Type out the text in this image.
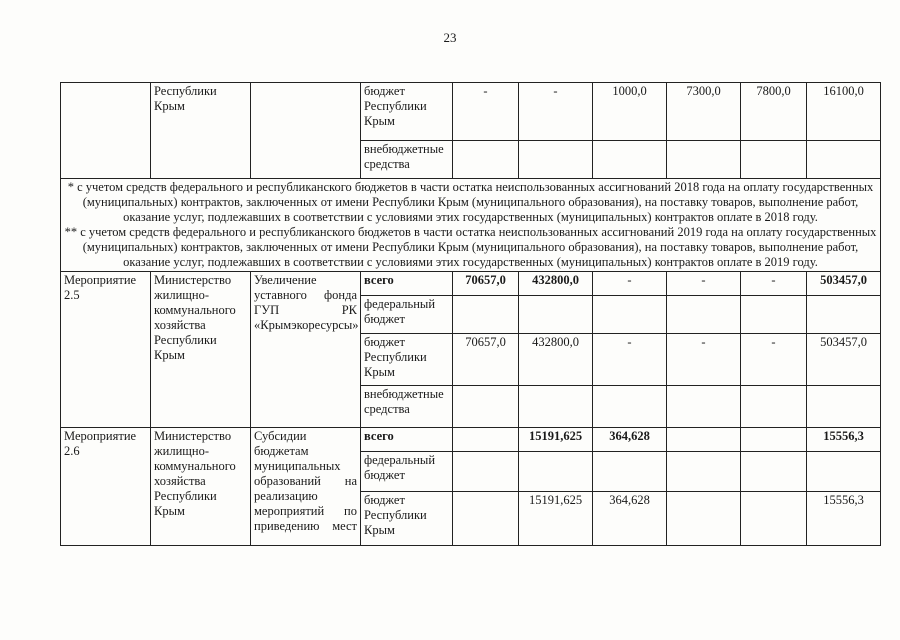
23
	Республики Крым		бюджет Республики Крым	-	-	1000,0	7300,0	7800,0	16100,0
			внебюджетные средства						

* с учетом средств федерального и республиканского бюджетов в части остатка неиспользованных ассигнований 2018 года на оплату государственных (муниципальных) контрактов, заключенных от имени Республики Крым (муниципального образования), на поставку товаров, выполнение работ, оказание услуг, подлежавших в соответствии с условиями этих государственных (муниципальных) контрактов оплате в 2018 году.
** с учетом средств федерального и республиканского бюджетов в части остатка неиспользованных ассигнований 2019 года на оплату государственных (муниципальных) контрактов, заключенных от имени Республики Крым (муниципального образования), на поставку товаров, выполнение работ, оказание услуг, подлежавших в соответствии с условиями этих государственных (муниципальных) контрактов оплате в 2019 году.									

Мероприятие 2.5	Министерство жилищно-коммунального хозяйства Республики Крым	Увеличение уставного фонда ГУП РК «Крымэкоресурсы»	всего	70657,0	432800,0	-	-	-	503457,0
			федеральный бюджет						
			бюджет Республики Крым	70657,0	432800,0	-	-	-	503457,0
			внебюджетные средства						
Мероприятие 2.6	Министерство жилищно-коммунального хозяйства Республики Крым	Субсидии бюджетам муниципальных образований на реализацию мероприятий по приведению мест	всего		15191,625	364,628			15556,3
			федеральный бюджет						
			бюджет Республики Крым		15191,625	364,628			15556,3
